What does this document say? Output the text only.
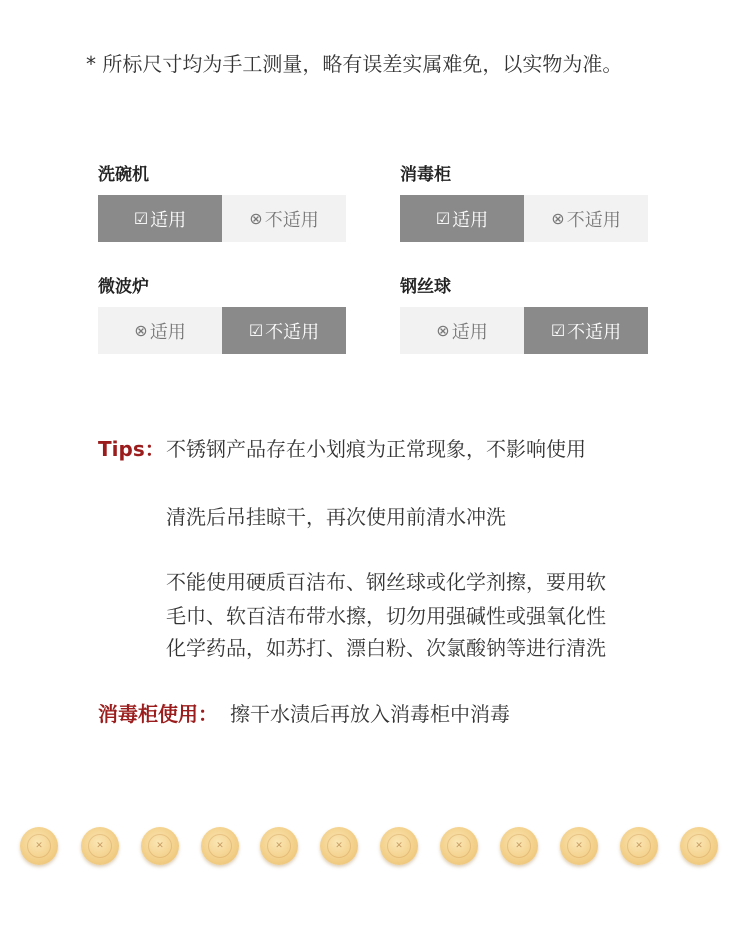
* 所标尺寸均为手工测量，略有误差实属难免，以实物为准。
洗碗机
☑ 适用	⊗ 不适用
消毒柜
☑ 适用	⊗ 不适用
微波炉
⊗ 适用	☑ 不适用
钢丝球
⊗ 适用	☑ 不适用
Tips： 不锈钢产品存在小划痕为正常现象，不影响使用
清洗后吊挂晾干，再次使用前清水冲洗
不能使用硬质百洁布、钢丝球或化学剂擦，要用软
毛巾、软百洁布带水擦，切勿用强碱性或强氧化性
化学药品，如苏打、漂白粉、次氯酸钠等进行清洗
消毒柜使用： 擦干水渍后再放入消毒柜中消毒
✕	✕	✕	✕	✕	✕	✕	✕	✕	✕	✕	✕
